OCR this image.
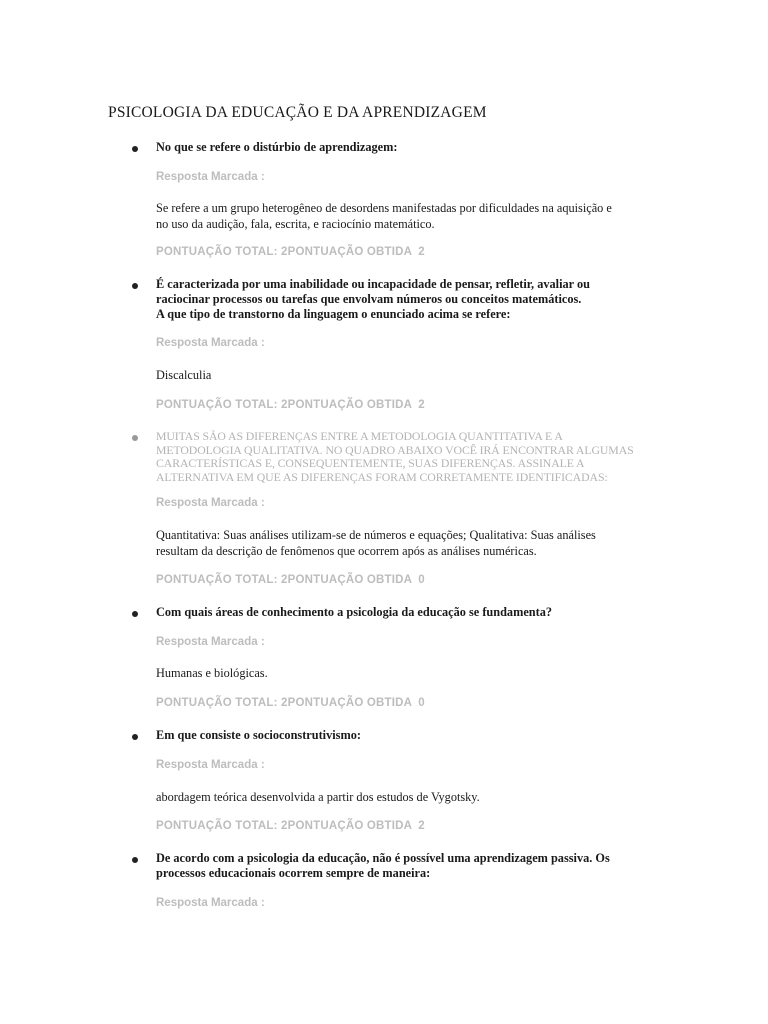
PSICOLOGIA DA EDUCAÇÃO E DA APRENDIZAGEM
No que se refere o distúrbio de aprendizagem:
Resposta Marcada :
Se refere a um grupo heterogêneo de desordens manifestadas por dificuldades na aquisição e
no uso da audição, fala, escrita, e raciocínio matemático.
PONTUAÇÃO TOTAL: 2PONTUAÇÃO OBTIDA 2
É caracterizada por uma inabilidade ou incapacidade de pensar, refletir, avaliar ou
raciocinar processos ou tarefas que envolvam números ou conceitos matemáticos.
A que tipo de transtorno da linguagem o enunciado acima se refere:
Resposta Marcada :
Discalculia
PONTUAÇÃO TOTAL: 2PONTUAÇÃO OBTIDA 2
MUITAS SÃO AS DIFERENÇAS ENTRE A METODOLOGIA QUANTITATIVA E A
METODOLOGIA QUALITATIVA. NO QUADRO ABAIXO VOCÊ IRÁ ENCONTRAR ALGUMAS
CARACTERÍSTICAS E, CONSEQUENTEMENTE, SUAS DIFERENÇAS. ASSINALE A
ALTERNATIVA EM QUE AS DIFERENÇAS FORAM CORRETAMENTE IDENTIFICADAS:
Resposta Marcada :
Quantitativa: Suas análises utilizam-se de números e equações; Qualitativa: Suas análises
resultam da descrição de fenômenos que ocorrem após as análises numéricas.
PONTUAÇÃO TOTAL: 2PONTUAÇÃO OBTIDA 0
Com quais áreas de conhecimento a psicologia da educação se fundamenta?
Resposta Marcada :
Humanas e biológicas.
PONTUAÇÃO TOTAL: 2PONTUAÇÃO OBTIDA 0
Em que consiste o socioconstrutivismo:
Resposta Marcada :
abordagem teórica desenvolvida a partir dos estudos de Vygotsky.
PONTUAÇÃO TOTAL: 2PONTUAÇÃO OBTIDA 2
De acordo com a psicologia da educação, não é possível uma aprendizagem passiva. Os
processos educacionais ocorrem sempre de maneira:
Resposta Marcada :
